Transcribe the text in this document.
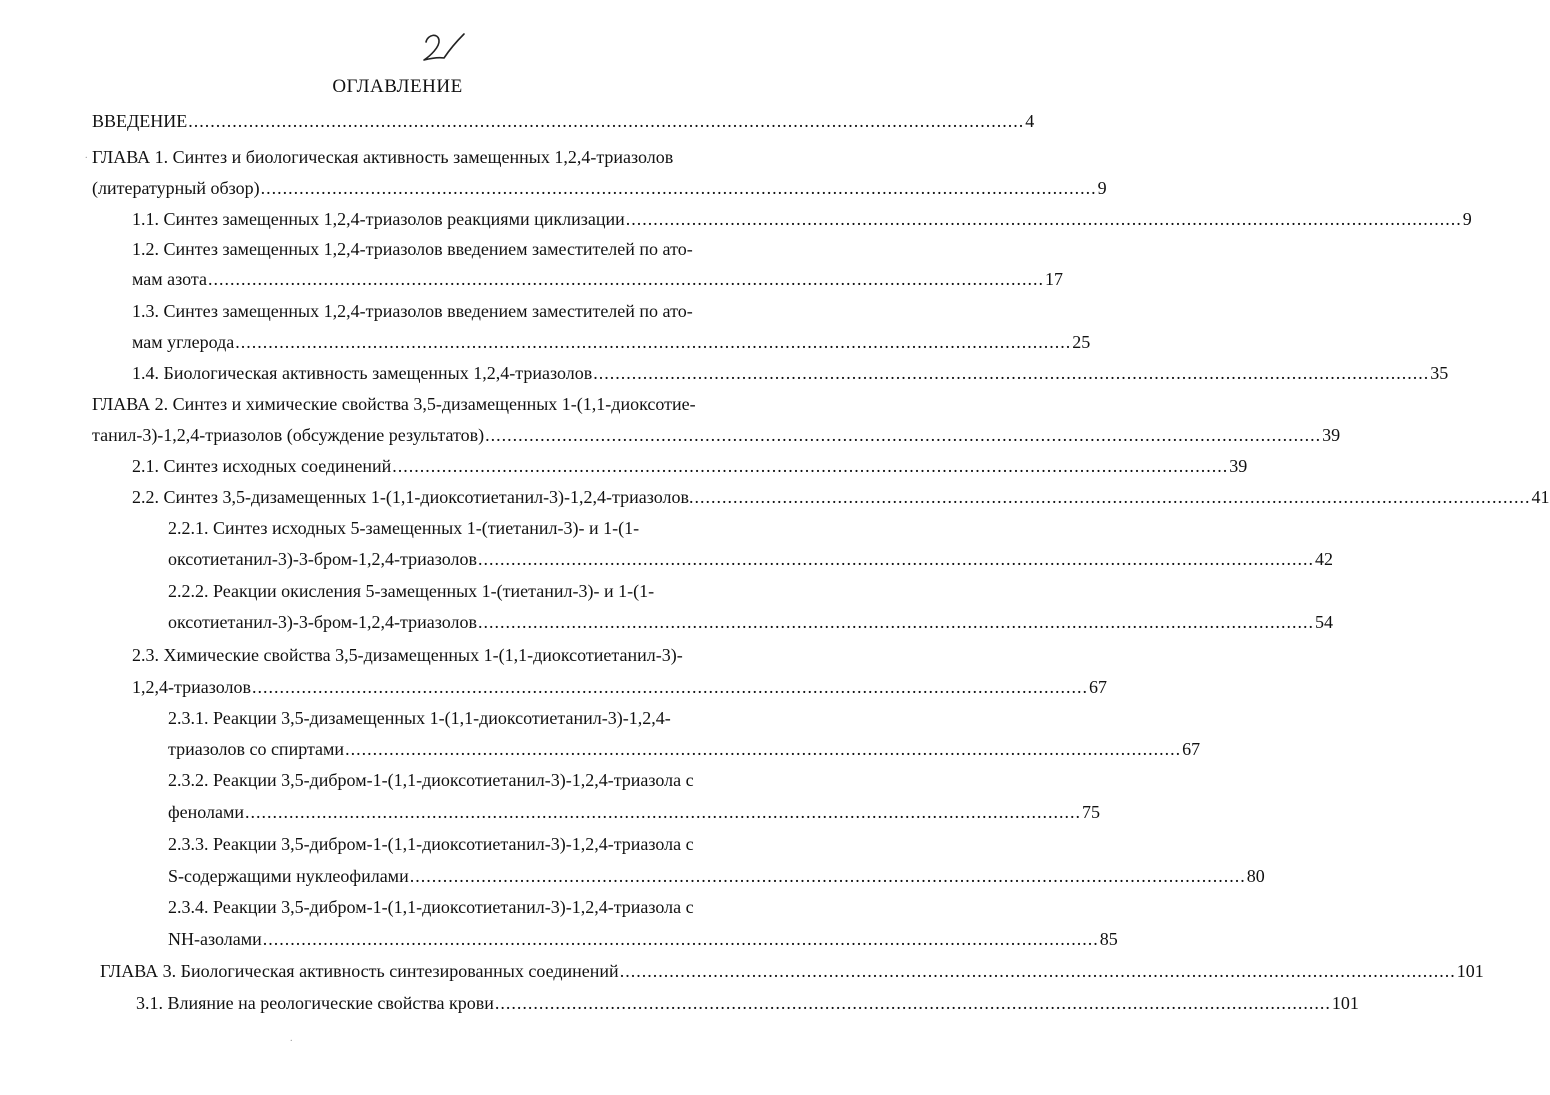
ОГЛАВЛЕНИЕ
.
ВВЕДЕНИЕ ........................................................................................................................................................ 4
ГЛАВА 1. Синтез и биологическая активность замещенных 1,2,4-триазолов
(литературный обзор) ........................................................................................................................................................ 9
1.1. Синтез замещенных 1,2,4-триазолов реакциями циклизации ........................................................................................................................................................ 9
1.2. Синтез замещенных 1,2,4-триазолов введением заместителей по ато-
мам азота ........................................................................................................................................................ 17
1.3. Синтез замещенных 1,2,4-триазолов введением заместителей по ато-
мам углерода ........................................................................................................................................................ 25
1.4. Биологическая активность замещенных 1,2,4-триазолов ........................................................................................................................................................ 35
ГЛАВА 2. Синтез и химические свойства 3,5-дизамещенных 1-(1,1-диоксотие-
танил-3)-1,2,4-триазолов (обсуждение результатов) ........................................................................................................................................................ 39
2.1. Синтез исходных соединений ........................................................................................................................................................ 39
2.2. Синтез 3,5-дизамещенных 1-(1,1-диоксотиетанил-3)-1,2,4-триазолов. ........................................................................................................................................................ 41
2.2.1. Синтез исходных 5-замещенных 1-(тиетанил-3)- и 1-(1-
оксотиетанил-3)-3-бром-1,2,4-триазолов ........................................................................................................................................................ 42
2.2.2. Реакции окисления 5-замещенных 1-(тиетанил-3)- и 1-(1-
оксотиетанил-3)-3-бром-1,2,4-триазолов ........................................................................................................................................................ 54
2.3. Химические свойства 3,5-дизамещенных 1-(1,1-диоксотиетанил-3)-
1,2,4-триазолов ........................................................................................................................................................ 67
2.3.1. Реакции 3,5-дизамещенных 1-(1,1-диоксотиетанил-3)-1,2,4-
триазолов со спиртами ........................................................................................................................................................ 67
2.3.2. Реакции 3,5-дибром-1-(1,1-диоксотиетанил-3)-1,2,4-триазола с
фенолами ........................................................................................................................................................ 75
2.3.3. Реакции 3,5-дибром-1-(1,1-диоксотиетанил-3)-1,2,4-триазола с
S-содержащими нуклеофилами ........................................................................................................................................................ 80
2.3.4. Реакции 3,5-дибром-1-(1,1-диоксотиетанил-3)-1,2,4-триазола с
NH-азолами ........................................................................................................................................................ 85
ГЛАВА 3. Биологическая активность синтезированных соединений ........................................................................................................................................................ 101
3.1. Влияние на реологические свойства крови ........................................................................................................................................................ 101
.
